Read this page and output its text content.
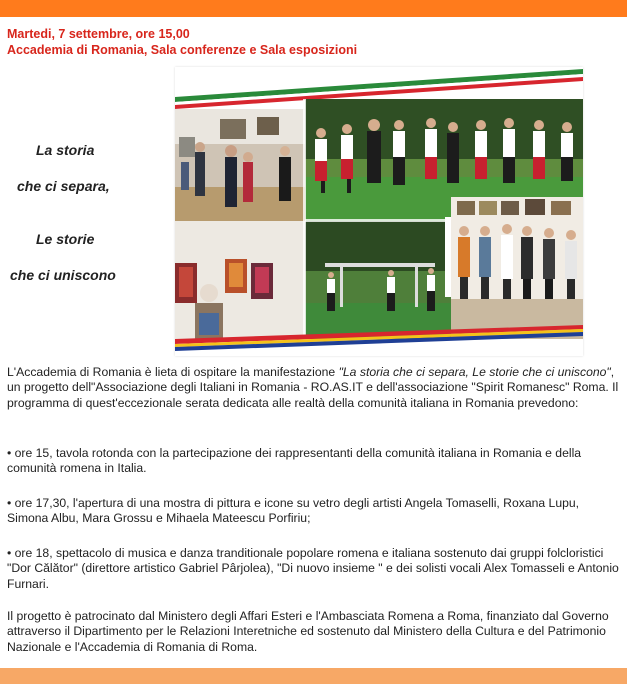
Martedi, 7 settembre, ore 15,00
Accademia di Romania, Sala conferenze e Sala esposizioni
La storia
che ci separa,
Le storie
che ci uniscono

L'Accademia di Romania è lieta di ospitare la manifestazione "La storia che ci separa, Le storie che ci uniscono", un progetto dell"Associazione degli Italiani in Romania - RO.AS.IT e dell'associazione "Spirit Romanesc" Roma. Il programma di quest'eccezionale serata dedicata alle realtà della comunità italiana in Romania prevedono:

• ore 15, tavola rotonda con la partecipazione dei rappresentanti della comunità italiana in Romania e della comunità romena in Italia.
• ore 17,30, l'apertura di una mostra di pittura e icone su vetro degli artisti Angela Tomaselli, Roxana Lupu, Simona Albu, Mara Grossu e Mihaela Mateescu Porfiriu;
• ore 18, spettacolo di musica e danza tranditionale popolare romena e italiana sostenuto dai gruppi folcloristici "Dor Călător" (direttore artistico Gabriel Pârjolea), "Di nuovo insieme " e dei solisti vocali Alex Tomasseli e Antonio Furnari.
Il progetto è patrocinato dal Ministero degli Affari Esteri e l'Ambasciata Romena a Roma, finanziato dal Governo attraverso il Dipartimento per le Relazioni Interetniche ed sostenuto dal Ministero della Cultura e del Patrimonio Nazionale e l'Accademia di Romania di Roma.
